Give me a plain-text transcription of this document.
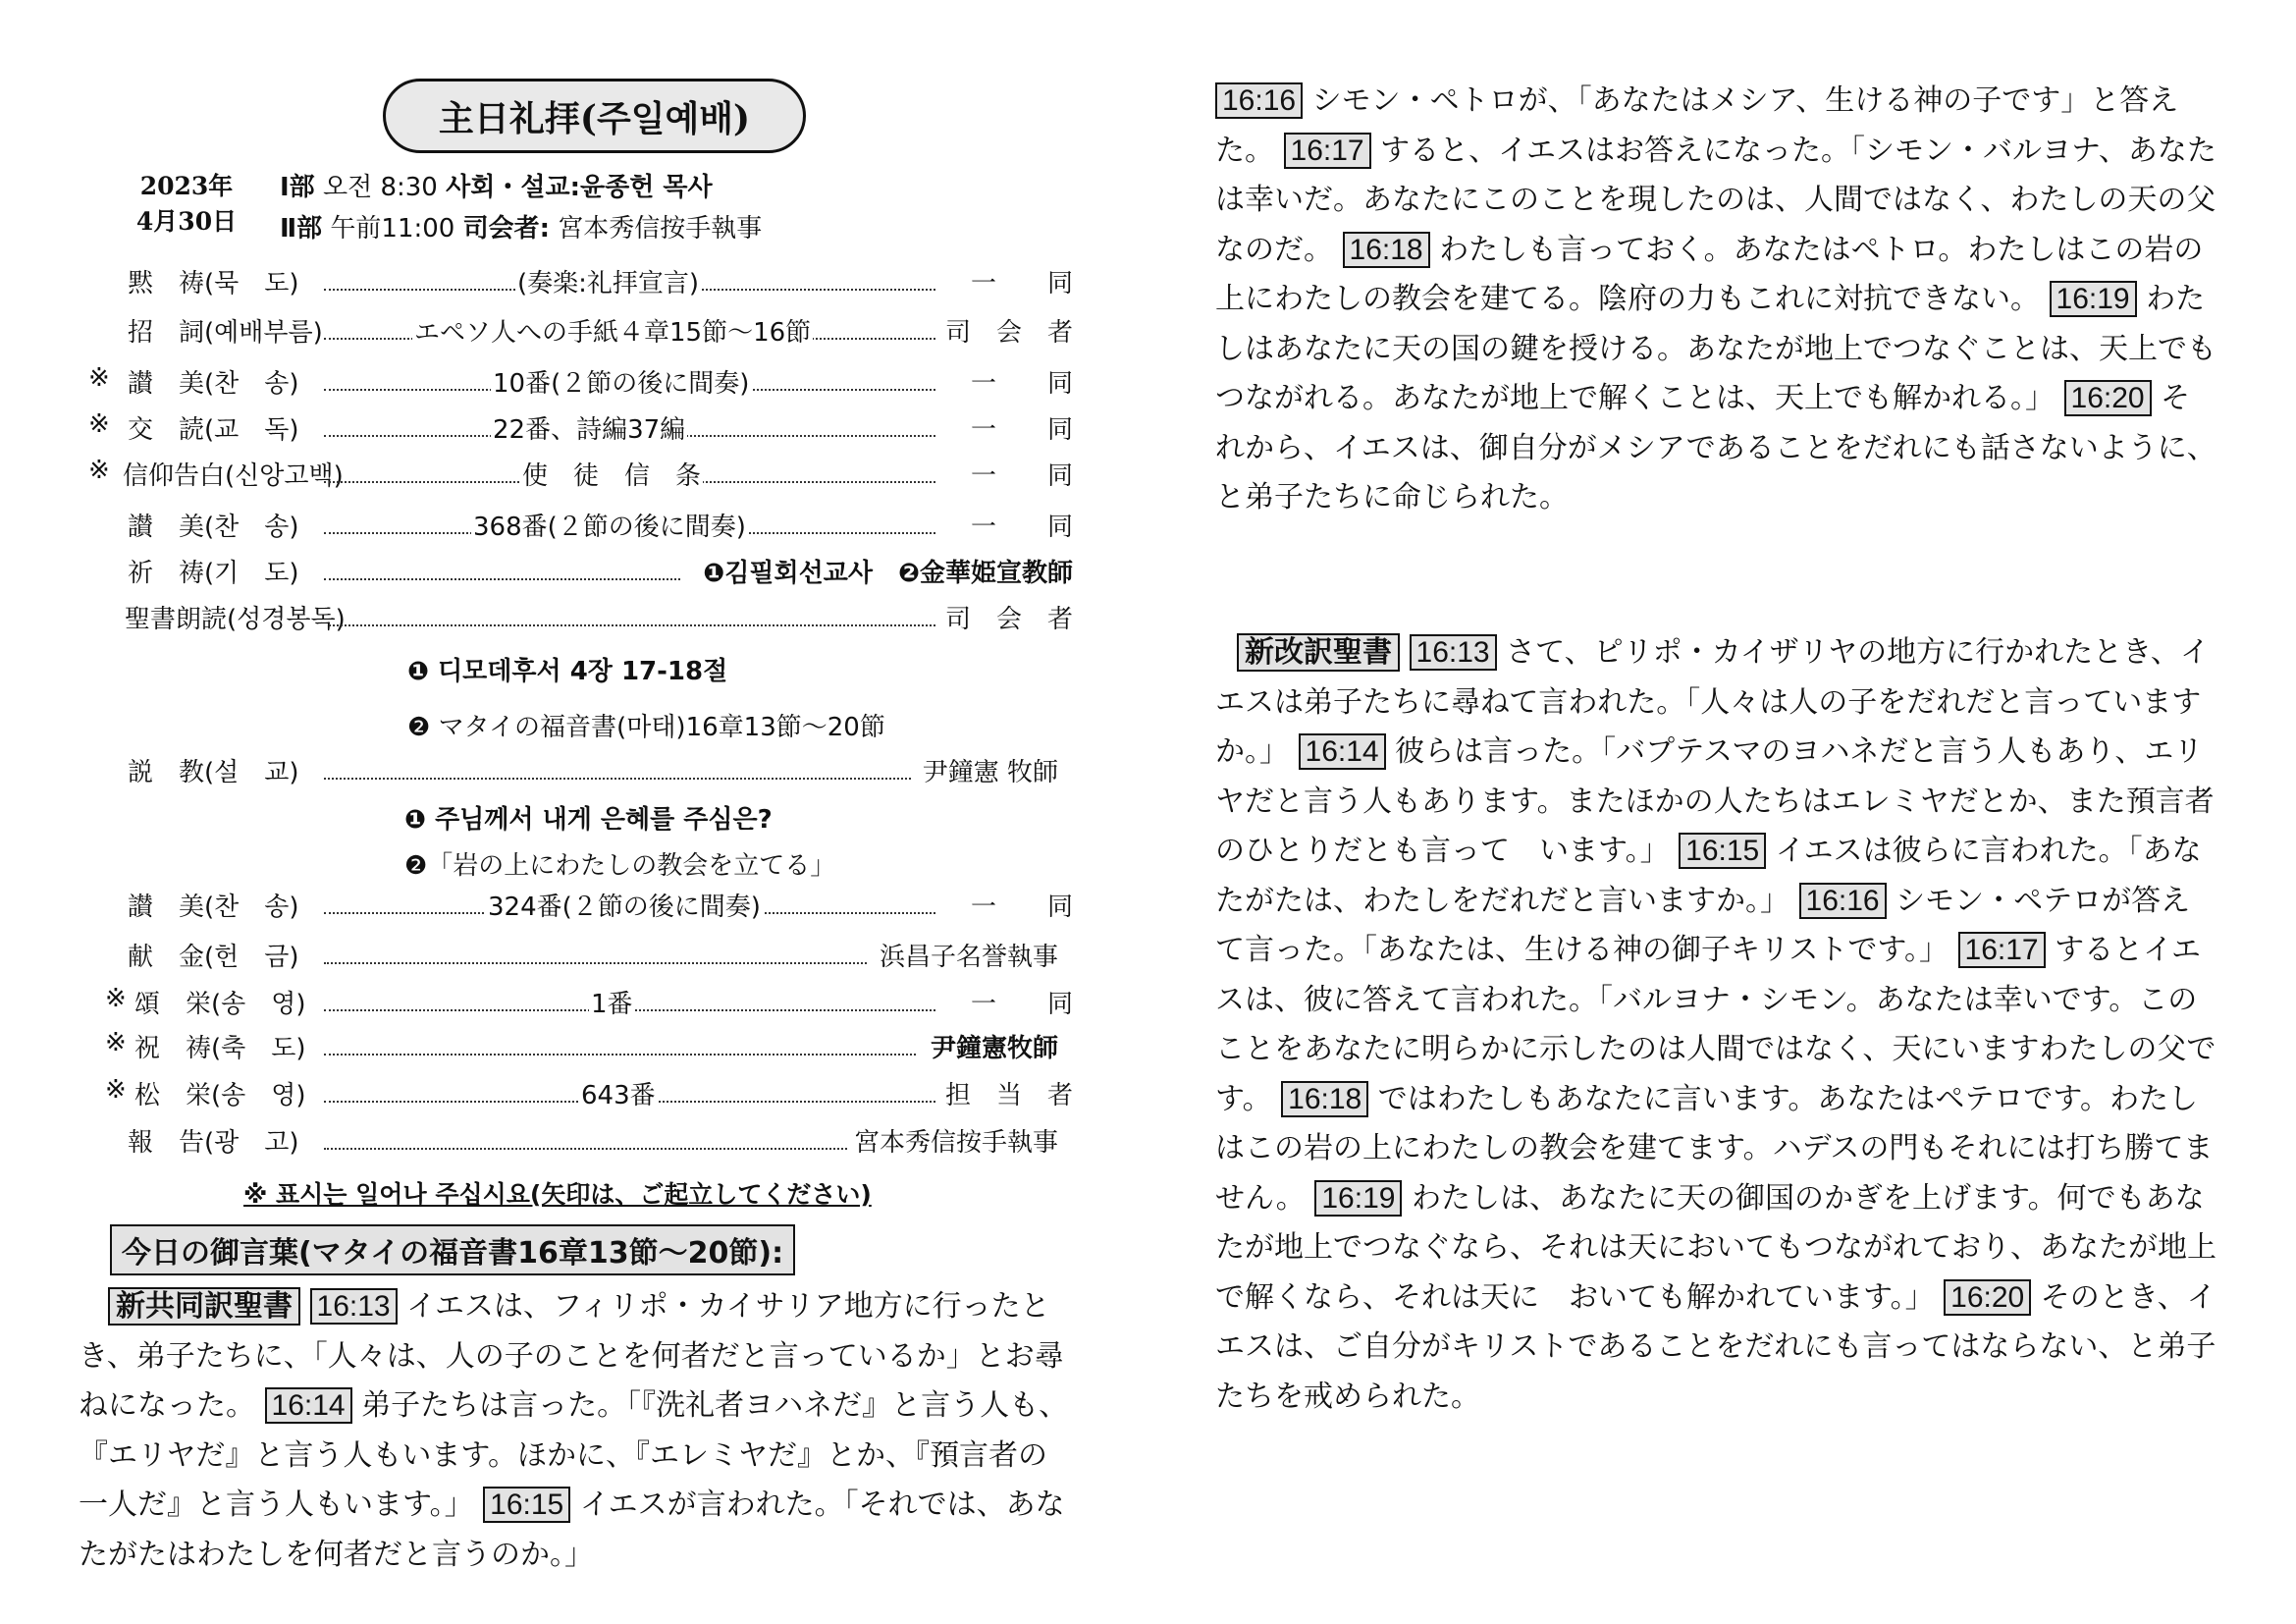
主日礼拝(주일예배)
2023年
4月30日
Ⅰ部 오전 8:30 사회・설교:윤종헌 목사
Ⅱ部 午前11:00 司会者: 宮本秀信按手執事
黙　祷(묵　도)	(奏楽:礼拝宣言)	一　　同
招　詞(예배부름)	エペソ人への手紙４章15節〜16節	司　会　者
※ 讃　美(찬　송)	10番(２節の後に間奏)	一　　同
※ 交　読(교　독)	22番、詩編37編	一　　同
※ 信仰告白(신앙고백)	使　徒　信　条	一　　同
讃　美(찬　송)	368番(２節の後に間奏)	一　　同
祈　祷(기　도)	❶김필회선교사　❷金華姫宣教師
聖書朗読(성경봉독)	司　会　者
❶ 디모데후서 4장 17-18절
❷ マタイの福音書(마태)16章13節〜20節
説　教(설　교)	尹鐘憲 牧師
❶ 주님께서 내게 은혜를 주심은?
❷「岩の上にわたしの教会を立てる」
讃　美(찬　송)	324番(２節の後に間奏)	一　　同
献　金(헌　금)	浜昌子名誉執事
※ 頌　栄(송　영)	1番	一　　同
※ 祝　祷(축　도)	尹鐘憲牧師
※ 松　栄(송　영)	643番	担　当　者
報　告(광　고)	宮本秀信按手執事
※ 표시는 일어나 주십시요(矢印は、ご起立してください)
今日の御言葉(マタイの福音書16章13節〜20節):
新共同訳聖書 16:13 イエスは、フィリポ・カイサリア地方に行ったとき、弟子たちに、「人々は、人の子のことを何者だと言っているか」とお尋ねになった。 16:14 弟子たちは言った。「『洗礼者ヨハネだ』と言う人も、『エリヤだ』と言う人もいます。ほかに、『エレミヤだ』とか、『預言者の一人だ』と言う人もいます。」 16:15 イエスが言われた。「それでは、あなたがたはわたしを何者だと言うのか。」
16:16 シモン・ペトロが、「あなたはメシア、生ける神の子です」と答えた。 16:17 すると、イエスはお答えになった。「シモン・バルヨナ、あなたは幸いだ。あなたにこのことを現したのは、人間ではなく、わたしの天の父なのだ。 16:18 わたしも言っておく。あなたはペトロ。わたしはこの岩の上にわたしの教会を建てる。陰府の力もこれに対抗できない。 16:19 わたしはあなたに天の国の鍵を授ける。あなたが地上でつなぐことは、天上でもつながれる。あなたが地上で解くことは、天上でも解かれる。」 16:20 それから、イエスは、御自分がメシアであることをだれにも話さないように、と弟子たちに命じられた。
新改訳聖書 16:13 さて、ピリポ・カイザリヤの地方に行かれたとき、イエスは弟子たちに尋ねて言われた。「人々は人の子をだれだと言っていますか。」 16:14 彼らは言った。「バプテスマのヨハネだと言う人もあり、エリヤだと言う人もあります。またほかの人たちはエレミヤだとか、また預言者のひとりだとも言って　います。」 16:15 イエスは彼らに言われた。「あなたがたは、わたしをだれだと言いますか。」 16:16 シモン・ペテロが答えて言った。「あなたは、生ける神の御子キリストです。」 16:17 するとイエスは、彼に答えて言われた。「バルヨナ・シモン。あなたは幸いです。このことをあなたに明らかに示したのは人間ではなく、天にいますわたしの父です。 16:18 ではわたしもあなたに言います。あなたはペテロです。わたしはこの岩の上にわたしの教会を建てます。ハデスの門もそれには打ち勝てません。 16:19 わたしは、あなたに天の御国のかぎを上げます。何でもあなたが地上でつなぐなら、それは天においてもつながれており、あなたが地上で解くなら、それは天に　おいても解かれています。」 16:20 そのとき、イエスは、ご自分がキリストであることをだれにも言ってはならない、と弟子たちを戒められた。
